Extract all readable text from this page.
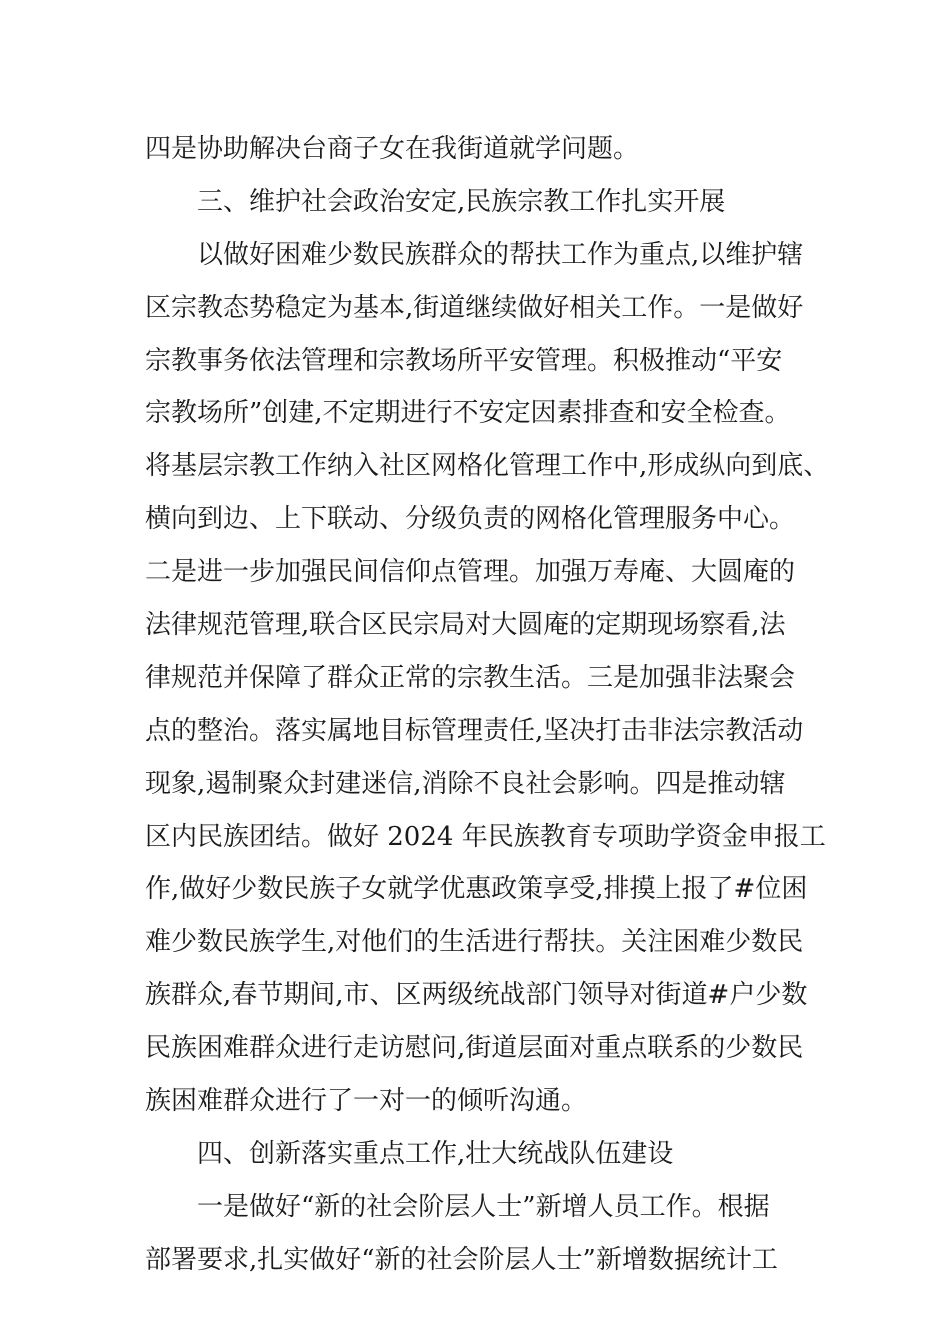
四是协助解决台商子女在我街道就学问题。
三、维护社会政治安定,民族宗教工作扎实开展
以做好困难少数民族群众的帮扶工作为重点,以维护辖
区宗教态势稳定为基本,街道继续做好相关工作。一是做好
宗教事务依法管理和宗教场所平安管理。积极推动“平安
宗教场所”创建,不定期进行不安定因素排查和安全检查。
将基层宗教工作纳入社区网格化管理工作中,形成纵向到底、
横向到边、上下联动、分级负责的网格化管理服务中心。
二是进一步加强民间信仰点管理。加强万寿庵、大圆庵的
法律规范管理,联合区民宗局对大圆庵的定期现场察看,法
律规范并保障了群众正常的宗教生活。三是加强非法聚会
点的整治。落实属地目标管理责任,坚决打击非法宗教活动
现象,遏制聚众封建迷信,消除不良社会影响。四是推动辖
区内民族团结。做好 2024 年民族教育专项助学资金申报工
作,做好少数民族子女就学优惠政策享受,排摸上报了#位困
难少数民族学生,对他们的生活进行帮扶。关注困难少数民
族群众,春节期间,市、区两级统战部门领导对街道#户少数
民族困难群众进行走访慰问,街道层面对重点联系的少数民
族困难群众进行了一对一的倾听沟通。
四、创新落实重点工作,壮大统战队伍建设
一是做好“新的社会阶层人士”新增人员工作。根据
部署要求,扎实做好“新的社会阶层人士”新增数据统计工
